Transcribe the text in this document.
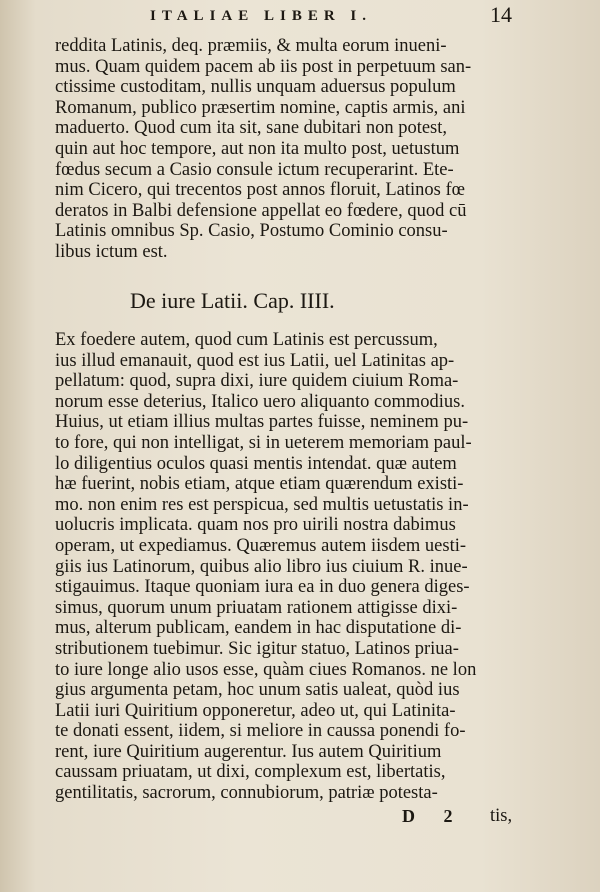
ITALIAE LIBER I.	14
reddita Latinis, deq. præmiis, & multa eorum inueni-
mus. Quam quidem pacem ab iis post in perpetuum san-
ctissime custoditam, nullis unquam aduersus populum
Romanum, publico præsertim nomine, captis armis, ani
maduerto. Quod cum ita sit, sane dubitari non potest,
quin aut hoc tempore, aut non ita multo post, uetustum
fœdus secum a Casio consule ictum recuperarint. Ete-
nim Cicero, qui trecentos post annos floruit, Latinos fœ
deratos in Balbi defensione appellat eo fœdere, quod cū
Latinis omnibus Sp. Casio, Postumo Cominio consu-
libus ictum est.
De iure Latii. Cap. IIII.
Ex foedere autem, quod cum Latinis est percussum,
ius illud emanauit, quod est ius Latii, uel Latinitas ap-
pellatum: quod, supra dixi, iure quidem ciuium Roma-
norum esse deterius, Italico uero aliquanto commodius.
Huius, ut etiam illius multas partes fuisse, neminem pu-
to fore, qui non intelligat, si in ueterem memoriam paul-
lo diligentius oculos quasi mentis intendat. quæ autem
hæ fuerint, nobis etiam, atque etiam quærendum existi-
mo. non enim res est perspicua, sed multis uetustatis in-
uolucris implicata. quam nos pro uirili nostra dabimus
operam, ut expediamus. Quæremus autem iisdem uesti-
giis ius Latinorum, quibus alio libro ius ciuium R. inue-
stigauimus. Itaque quoniam iura ea in duo genera diges-
simus, quorum unum priuatam rationem attigisse dixi-
mus, alterum publicam, eandem in hac disputatione di-
stributionem tuebimur. Sic igitur statuo, Latinos priua-
to iure longe alio usos esse, quàm ciues Romanos. ne lon
gius argumenta petam, hoc unum satis ualeat, quòd ius
Latii iuri Quiritium opponeretur, adeo ut, qui Latinita-
te donati essent, iidem, si meliore in caussa ponendi fo-
rent, iure Quiritium augerentur. Ius autem Quiritium
caussam priuatam, ut dixi, complexum est, libertatis,
gentilitatis, sacrorum, connubiorum, patriæ potesta-
D 2 tis,
